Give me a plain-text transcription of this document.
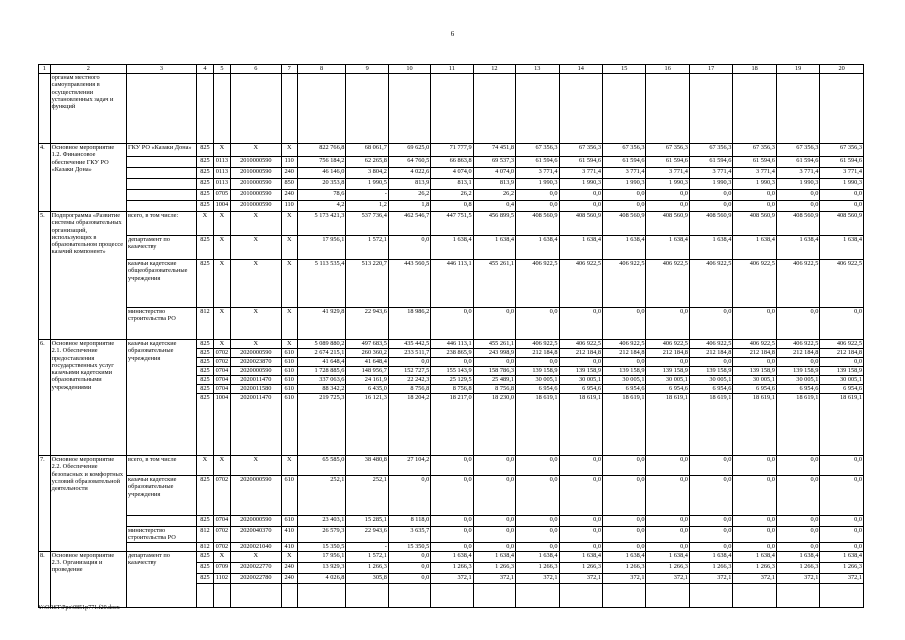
6
1	2	3	4	5	6	7	8	9	10	11	12	13	14	15	16	17	18	19	20
	органам местного самоуправления в осуществлении установленных задач и функций																		
4.	Основное мероприятие 1.2. Финансовое обеспечение ГКУ РО «Казаки Дона»	ГКУ РО «Казаки Дона»	825	X	X	X	822 766,8	68 061,7	69 625,0	71 777,9	74 451,8	67 356,3	67 356,3	67 356,3	67 356,3	67 356,3	67 356,3	67 356,3	67 356,3
			825	0113	2010000590	110	756 184,2	62 265,8	64 760,5	66 863,8	69 537,3	61 594,6	61 594,6	61 594,6	61 594,6	61 594,6	61 594,6	61 594,6	61 594,6
			825	0113	2010000590	240	46 146,0	3 804,2	4 022,6	4 074,0	4 074,0	3 771,4	3 771,4	3 771,4	3 771,4	3 771,4	3 771,4	3 771,4	3 771,4
			825	0113	2010000590	850	20 353,8	1 990,5	813,9	813,1	813,9	1 990,3	1 990,3	1 990,3	1 990,3	1 990,3	1 990,3	1 990,3	1 990,3
			825	0705	2010000590	240	78,6	-	26,2	26,2	26,2	0,0	0,0	0,0	0,0	0,0	0,0	0,0	0,0
			825	1004	2010000590	110	4,2	1,2	1,8	0,8	0,4	0,0	0,0	0,0	0,0	0,0	0,0	0,0	0,0
5.	Подпрограмма «Развитие системы образовательных организаций, использующих в образовательном процессе казачий компонент»	всего, в том числе:	X	X	X	X	5 173 421,3	537 736,4	462 546,7	447 751,5	456 899,5	408 560,9	408 560,9	408 560,9	408 560,9	408 560,9	408 560,9	408 560,9	408 560,9
		департамент по казачеству	825	X	X	X	17 956,1	1 572,1	0,0	1 638,4	1 638,4	1 638,4	1 638,4	1 638,4	1 638,4	1 638,4	1 638,4	1 638,4	1 638,4
		казачьи кадетские общеобразовательные учреждения	825	X	X	X	5 113 535,4	513 220,7	443 560,5	446 113,1	455 261,1	406 922,5	406 922,5	406 922,5	406 922,5	406 922,5	406 922,5	406 922,5	406 922,5
		министерство строительства РО	812	X	X	X	41 929,8	22 943,6	18 986,2	0,0	0,0	0,0	0,0	0,0	0,0	0,0	0,0	0,0	0,0
6.	Основное мероприятие 2.1. Обеспечение предоставления государственных услуг казачьими кадетскими образовательными учреждениями	казачьи кадетские образовательные учреждения	825	X	X	X	5 089 880,2	497 683,5	435 442,5	446 113,1	455 261,1	406 922,5	406 922,5	406 922,5	406 922,5	406 922,5	406 922,5	406 922,5	406 922,5
			825	0702	2020000590	610	2 674 215,1	260 360,2	233 511,7	238 865,9	243 998,9	212 184,8	212 184,8	212 184,8	212 184,8	212 184,8	212 184,8	212 184,8	212 184,8
			825	0702	2020023870	610	41 648,4	41 648,4	0,0	0,0	0,0	0,0	0,0	0,0	0,0	0,0	0,0	0,0	0,0
			825	0704	2020000590	610	1 728 885,6	148 956,7	152 727,5	155 143,9	158 786,3	139 158,9	139 158,9	139 158,9	139 158,9	139 158,9	139 158,9	139 158,9	139 158,9
			825	0704	2020011470	610	337 063,6	24 161,9	22 242,3	25 129,5	25 489,1	30 005,1	30 005,1	30 005,1	30 005,1	30 005,1	30 005,1	30 005,1	30 005,1
			825	0704	2020011580	610	88 342,2	6 435,0	8 756,8	8 756,8	8 756,8	6 954,6	6 954,6	6 954,6	6 954,6	6 954,6	6 954,6	6 954,6	6 954,6
			825	1004	2020011470	610	219 725,3	16 121,3	18 204,2	18 217,0	18 230,0	18 619,1	18 619,1	18 619,1	18 619,1	18 619,1	18 619,1	18 619,1	18 619,1
7.	Основное мероприятие 2.2. Обеспечение безопасных и комфортных условий образовательной деятельности	всего, в том числе	X	X	X	X	65 585,0	38 480,8	27 104,2	0,0	0,0	0,0	0,0	0,0	0,0	0,0	0,0	0,0	0,0
		казачьи кадетские образовательные учреждения	825	0702	2020000590	610	252,1	252,1	0,0	0,0	0,0	0,0	0,0	0,0	0,0	0,0	0,0	0,0	0,0
			825	0704	2020000590	610	23 403,1	15 285,1	8 118,0	0,0	0,0	0,0	0,0	0,0	0,0	0,0	0,0	0,0	0,0
		министерство строительства РО	812	0702	2020040370	410	26 579,3	22 943,6	3 635,7	0,0	0,0	0,0	0,0	0,0	0,0	0,0	0,0	0,0	0,0
			812	0702	2020021040	410	15 350,5	-	15 350,5	0,0	0,0	0,0	0,0	0,0	0,0	0,0	0,0	0,0	0,0
8.	Основное мероприятие 2.3. Организация и проведение	департамент по казачеству	825	X	X	X	17 956,1	1 572,1	0,0	1 638,4	1 638,4	1 638,4	1 638,4	1 638,4	1 638,4	1 638,4	1 638,4	1 638,4	1 638,4
			825	0709	2020022770	240	13 929,3	1 266,3	0,0	1 266,3	1 266,3	1 266,3	1 266,3	1 266,3	1 266,3	1 266,3	1 266,3	1 266,3	1 266,3
			825	1102	2020022780	240	4 026,8	305,8	0,0	372,1	372,1	372,1	372,1	372,1	372,1	372,1	372,1	372,1	372,1

Y:\ORST\Ppo\0851p771.f20.docx
